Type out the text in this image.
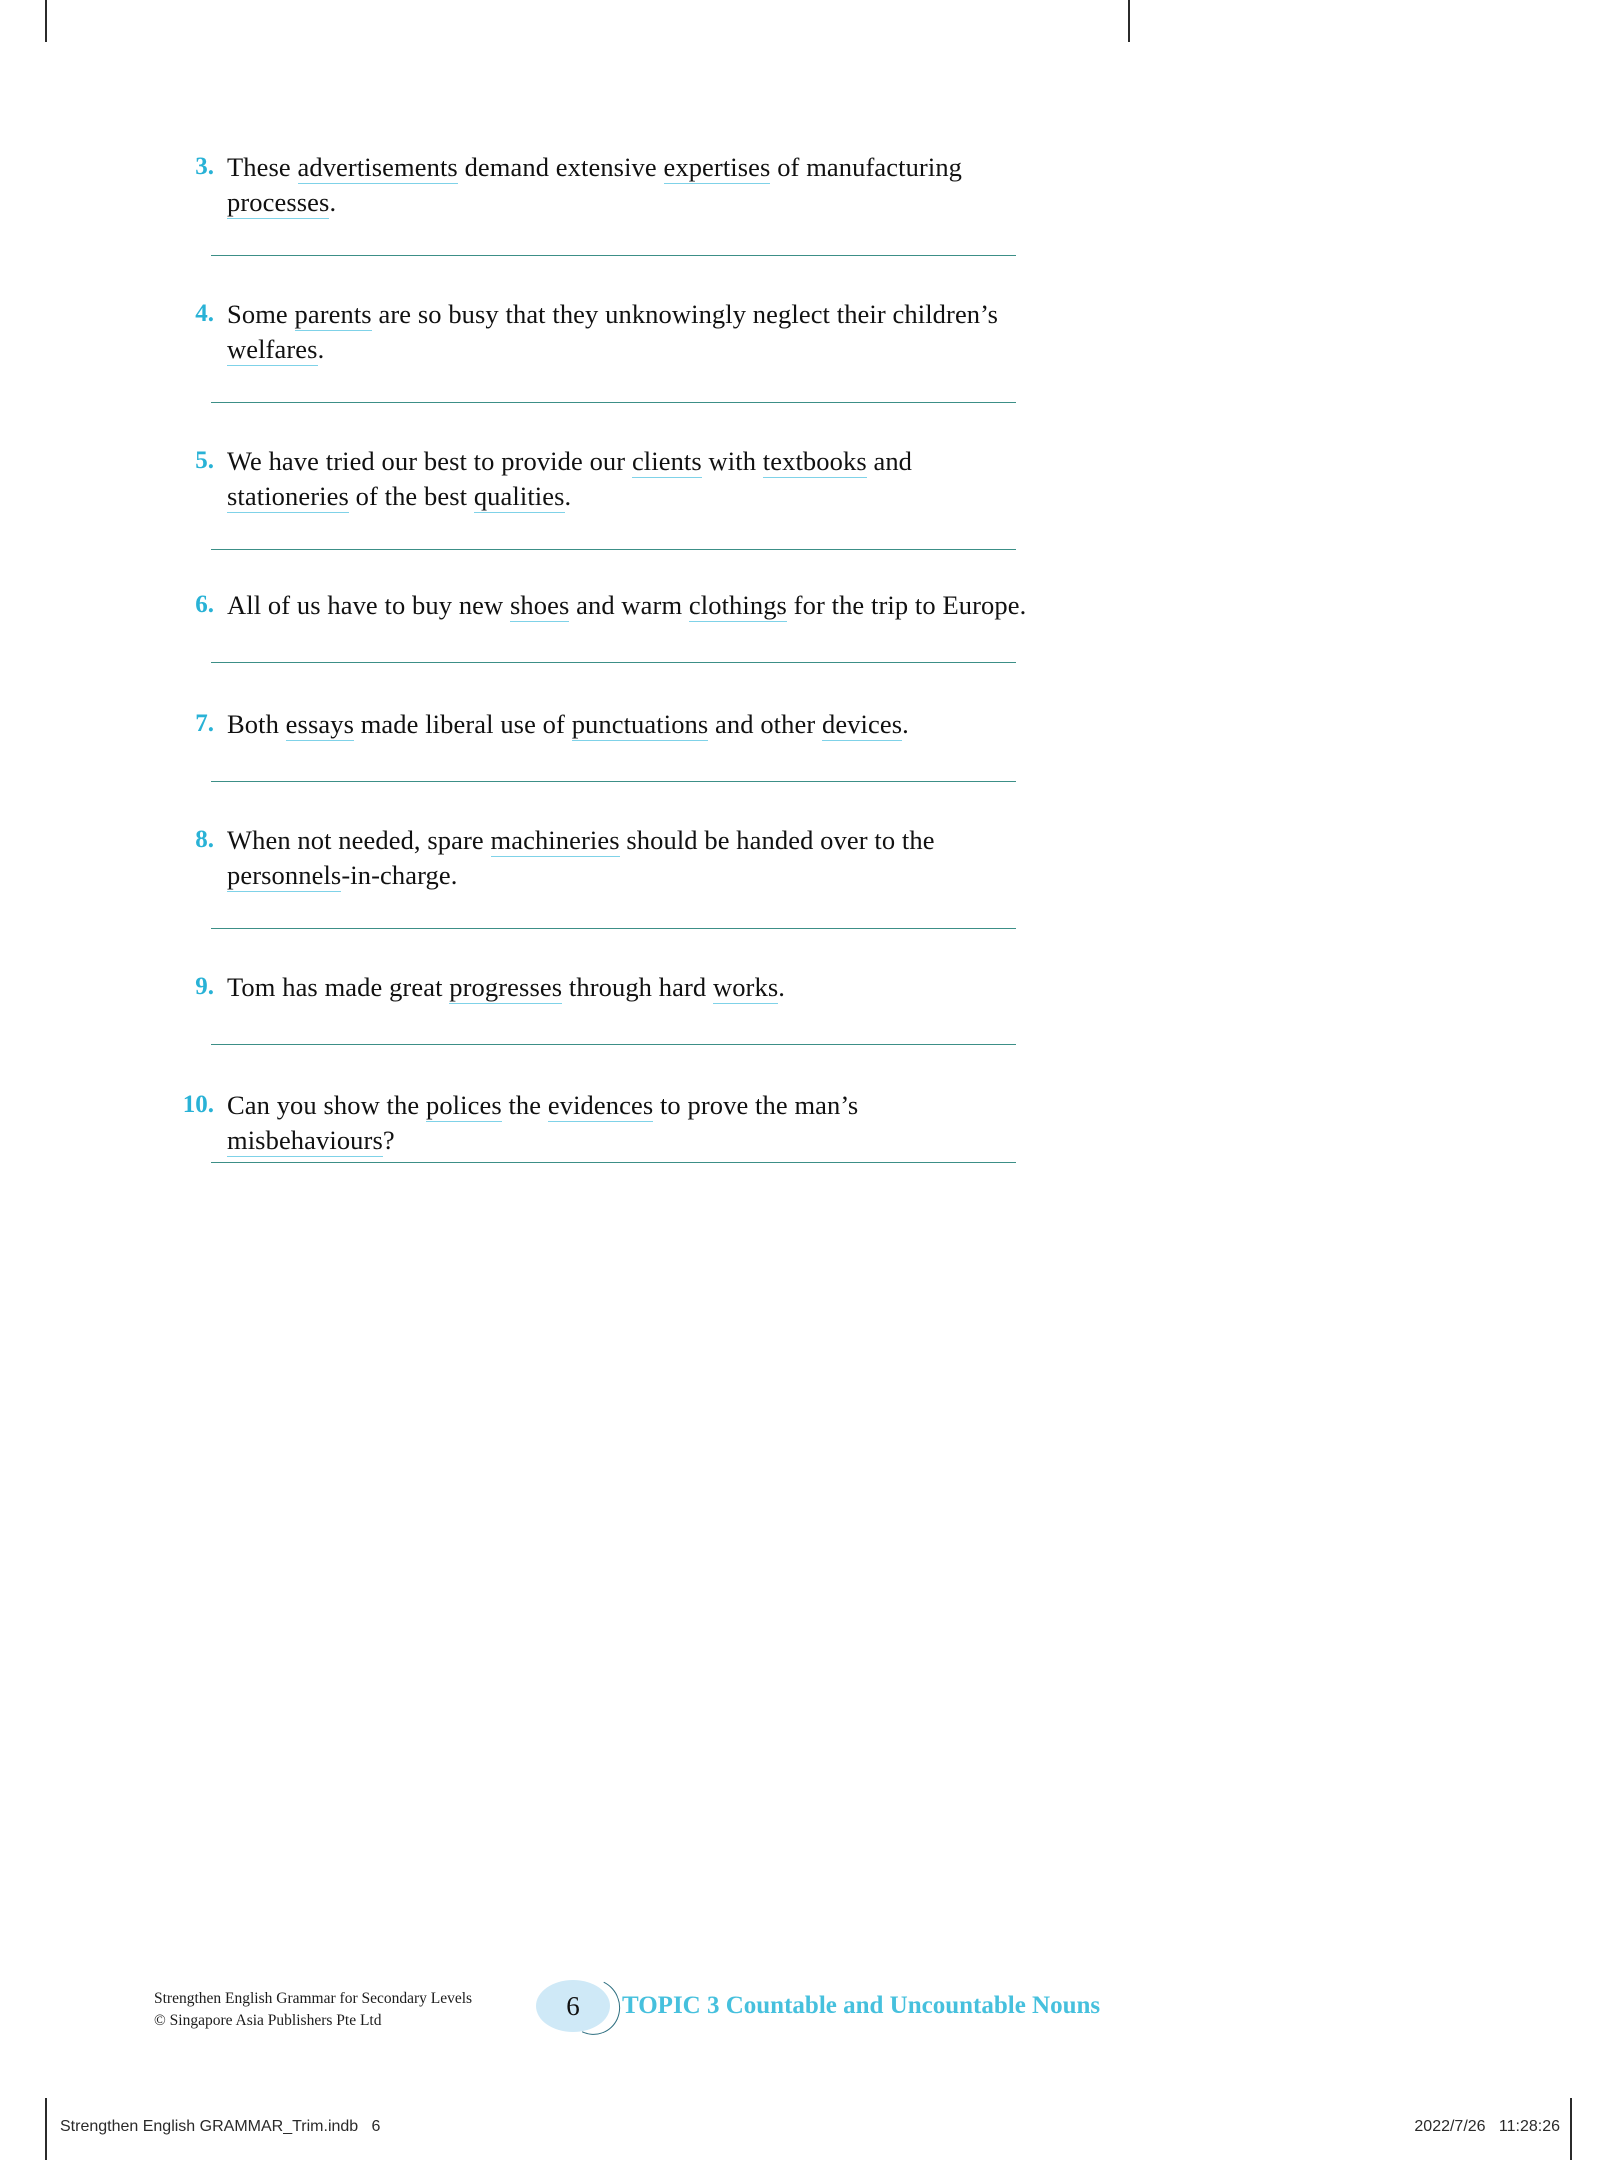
3. These advertisements demand extensive expertises of manufacturing processes.
4. Some parents are so busy that they unknowingly neglect their children’s welfares.
5. We have tried our best to provide our clients with textbooks and stationeries of the best qualities.
6. All of us have to buy new shoes and warm clothings for the trip to Europe.
7. Both essays made liberal use of punctuations and other devices.
8. When not needed, spare machineries should be handed over to the personnels-in-charge.
9. Tom has made great progresses through hard works.
10. Can you show the polices the evidences to prove the man’s misbehaviours?
Strengthen English Grammar for Secondary Levels
© Singapore Asia Publishers Pte Ltd	6 TOPIC 3 Countable and Uncountable Nouns
Strengthen English GRAMMAR_Trim.indb   6	2022/7/26   11:28:26
